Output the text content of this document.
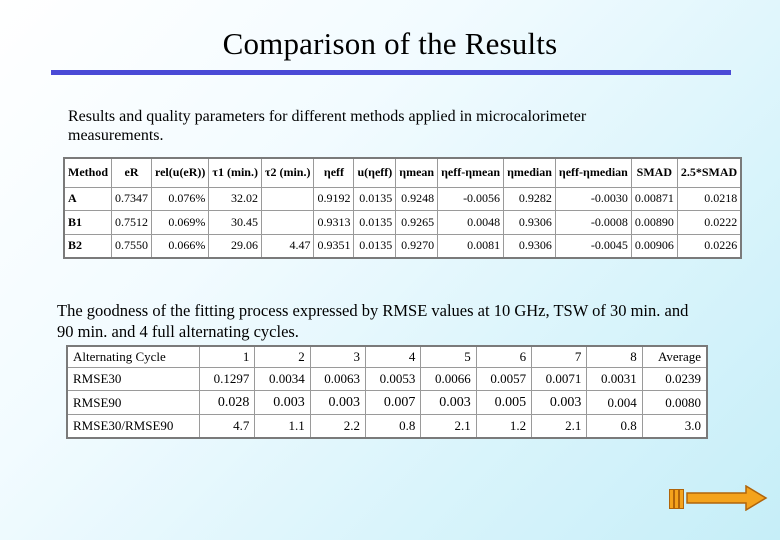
Comparison of the Results
Results and quality parameters for different methods applied in microcalorimeter measurements.
Method	eR	rel(u(eR))	τ1 (min.)	τ2 (min.)	ηeff	u(ηeff)	ηmean	ηeff-ηmean	ηmedian	ηeff-ηmedian	SMAD	2.5*SMAD
A	0.7347	0.076%	32.02		0.9192	0.0135	0.9248	-0.0056	0.9282	-0.0030	0.00871	0.0218
B1	0.7512	0.069%	30.45		0.9313	0.0135	0.9265	0.0048	0.9306	-0.0008	0.00890	0.0222
B2	0.7550	0.066%	29.06	4.47	0.9351	0.0135	0.9270	0.0081	0.9306	-0.0045	0.00906	0.0226
The goodness of the fitting process expressed by RMSE values at 10 GHz, TSW of 30 min. and 90 min. and 4 full alternating cycles.
Alternating Cycle	1	2	3	4	5	6	7	8	Average
RMSE30	0.1297	0.0034	0.0063	0.0053	0.0066	0.0057	0.0071	0.0031	0.0239
RMSE90	0.028	0.003	0.003	0.007	0.003	0.005	0.003	0.004	0.0080
RMSE30/RMSE90	4.7	1.1	2.2	0.8	2.1	1.2	2.1	0.8	3.0
